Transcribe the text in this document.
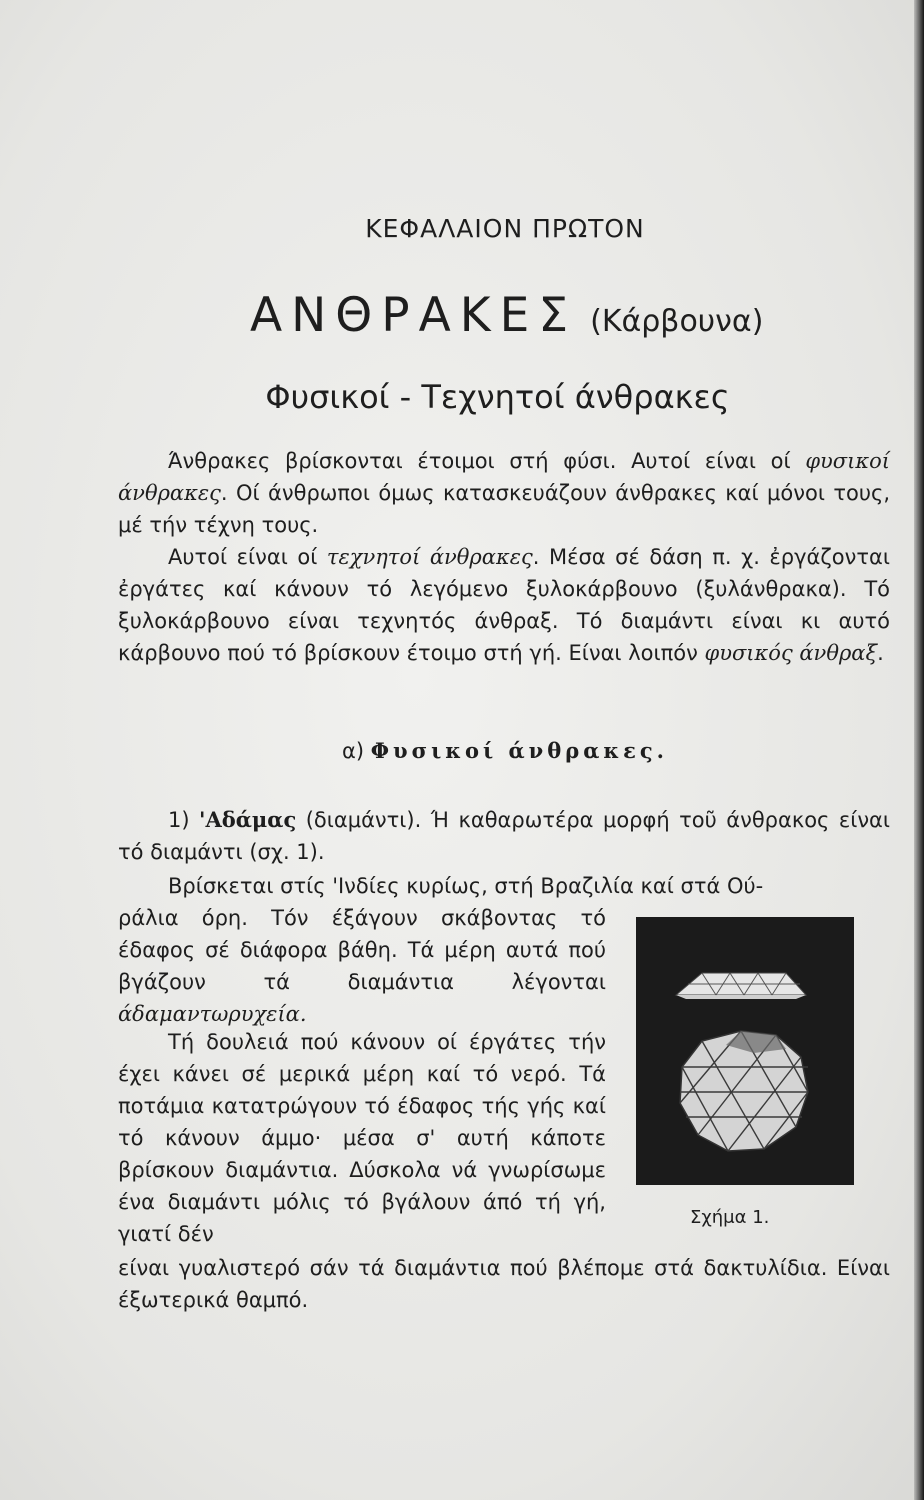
ΚΕΦΑΛΑΙΟΝ ΠΡΩΤΟΝ
ΑΝΘΡΑΚΕΣ (Κάρβουνα)
Φυσικοί - Τεχνητοί άνθρακες

Άνθρακες βρίσκονται έτοιμοι στή φύσι. Αυτοί είναι οί φυσικοί άνθρακες. Οί άνθρωποι όμως κατασκευάζουν άνθρακες καί μόνοι τους, μέ τήν τέχνη τους.

Αυτοί είναι οί τεχνητοί άνθρακες. Μέσα σέ δάση π. χ. ἐργάζονται ἐργάτες καί κάνουν τό λεγόμενο ξυλοκάρβουνο (ξυλάνθρακα). Τό ξυλοκάρβουνο είναι τεχνητός άνθραξ. Τό διαμάντι είναι κι αυτό κάρβουνο πού τό βρίσκουν έτοιμο στή γή. Είναι λοιπόν φυσικός άνθραξ.

α) Φυσικοί άνθρακες.

1) 'Αδάμας (διαμάντι). Ή καθαρωτέρα μορφή τοῦ άνθρακος είναι τό διαμάντι (σχ. 1).

Βρίσκεται στίς 'Ινδίες κυρίως, στή Βραζιλία καί στά Ού-

ράλια όρη. Τόν έξάγουν σκάβοντας τό έδαφος σέ διάφορα βάθη. Τά μέρη αυτά πού βγάζουν τά διαμάντια λέγονται άδαμαντωρυχεία.

Τή δουλειά πού κάνουν οί έργάτες τήν έχει κάνει σέ μερικά μέρη καί τό νερό. Τά ποτάμια κατατρώγουν τό έδαφος τής γής καί τό κάνουν άμμο· μέσα σ' αυτή κάποτε βρίσκουν διαμάντια. Δύσκολα νά γνωρίσωμε ένα διαμάντι μόλις τό βγάλουν άπό τή γή, γιατί δέν

είναι γυαλιστερό σάν τά διαμάντια πού βλέπομε στά δακτυλίδια. Είναι έξωτερικά θαμπό.

Σχήμα 1.
